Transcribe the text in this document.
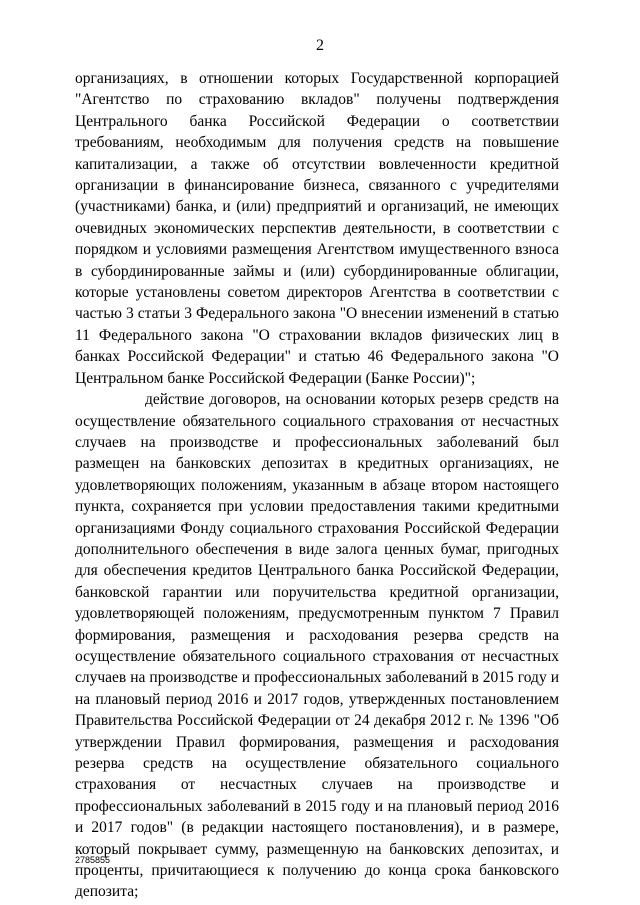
2

организациях, в отношении которых Государственной корпорацией "Агентство по страхованию вкладов" получены подтверждения Центрального банка Российской Федерации о соответствии требованиям, необходимым для получения средств на повышение капитализации, а также об отсутствии вовлеченности кредитной организации в финансирование бизнеса, связанного с учредителями (участниками) банка, и (или) предприятий и организаций, не имеющих очевидных экономических перспектив деятельности, в соответствии с порядком и условиями размещения Агентством имущественного взноса в субординированные займы и (или) субординированные облигации, которые установлены советом директоров Агентства в соответствии с частью 3 статьи 3 Федерального закона "О внесении изменений в статью 11 Федерального закона "О страховании вкладов физических лиц в банках Российской Федерации" и статью 46 Федерального закона "О Центральном банке Российской Федерации (Банке России)";

действие договоров, на основании которых резерв средств на осуществление обязательного социального страхования от несчастных случаев на производстве и профессиональных заболеваний был размещен на банковских депозитах в кредитных организациях, не удовлетворяющих положениям, указанным в абзаце втором настоящего пункта, сохраняется при условии предоставления такими кредитными организациями Фонду социального страхования Российской Федерации дополнительного обеспечения в виде залога ценных бумаг, пригодных для обеспечения кредитов Центрального банка Российской Федерации, банковской гарантии или поручительства кредитной организации, удовлетворяющей положениям, предусмотренным пунктом 7 Правил формирования, размещения и расходования резерва средств на осуществление обязательного социального страхования от несчастных случаев на производстве и профессиональных заболеваний в 2015 году и на плановый период 2016 и 2017 годов, утвержденных постановлением Правительства Российской Федерации от 24 декабря 2012 г. № 1396 "Об утверждении Правил формирования, размещения и расходования резерва средств на осуществление обязательного социального страхования от несчастных случаев на производстве и профессиональных заболеваний в 2015 году и на плановый период 2016 и 2017 годов" (в редакции настоящего постановления), и в размере, который покрывает сумму, размещенную на банковских депозитах, и проценты, причитающиеся к получению до конца срока банковского депозита;

2785855
